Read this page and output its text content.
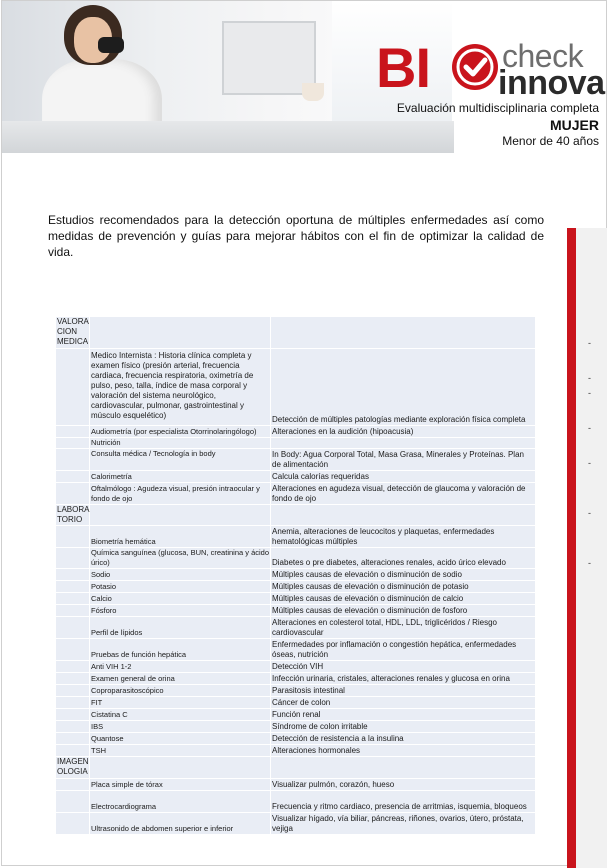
BI check
innova
Evaluación multidisciplinaria completa
MUJER
Menor de 40 años

Estudios recomendados para la detección oportuna de múltiples enfermedades así como medidas de prevención y guías para mejorar hábitos con el fin de optimizar la calidad de vida.

-
-
-
-
-
-
-
VALORA
CION
MEDICA		
	Medico Internista : Historia clínica completa y examen físico (presión arterial, frecuencia cardiaca, frecuencia respiratoria, oximetría de pulso, peso, talla, índice de masa corporal y valoración del sistema neurológico, cardiovascular, pulmonar, gastrointestinal y músculo esquelético)	Detección de múltiples patologías mediante exploración física completa
	Audiometría (por especialista Otorrinolaringólogo)	Alteraciones en la audición (hipoacusia)
	Nutrición	
	Consulta médica / Tecnología in body	In Body: Agua Corporal Total, Masa Grasa, Minerales y Proteínas. Plan de alimentación
	Calorimetría	Calcula calorías requeridas
	Oftalmólogo : Agudeza visual, presión intraocular y fondo de ojo	Alteraciones en agudeza visual, detección de glaucoma y valoración de fondo de ojo
LABORA
TORIO		
	Biometría hemática	Anemia, alteraciones de leucocitos y plaquetas, enfermedades hematológicas múltiples
	Química sanguínea (glucosa, BUN, creatinina y ácido úrico)	Diabetes o pre diabetes, alteraciones renales, acido úrico elevado
	Sodio	Múltiples causas de elevación o disminución de sodio
	Potasio	Múltiples causas de elevación o disminución de potasio
	Calcio	Múltiples causas de elevación o disminución de calcio
	Fósforo	Múltiples causas de elevación o disminución de fosforo
	Perfil de lípidos	Alteraciones en colesterol total, HDL, LDL, triglicéridos / Riesgo cardiovascular
	Pruebas de función hepática	Enfermedades por inflamación o congestión hepática, enfermedades óseas, nutrición
	Anti VIH 1-2	Detección VIH
	Examen general de orina	Infección urinaria, cristales, alteraciones renales y glucosa en orina
	Coproparasitoscópico	Parasitosis intestinal
	FIT	Cáncer de colon
	Cistatina C	Función renal
	IBS	Síndrome de colon irritable
	Quantose	Detección de resistencia a la insulina
	TSH	Alteraciones hormonales
IMAGEN
OLOGIA		
	Placa simple de tórax	Visualizar pulmón, corazón, hueso
	Electrocardiograma	Frecuencia y ritmo cardiaco, presencia de arritmias, isquemia, bloqueos
	Ultrasonido de abdomen superior e inferior	Visualizar hígado, vía biliar, páncreas, riñones, ovarios, útero, próstata, vejiga
